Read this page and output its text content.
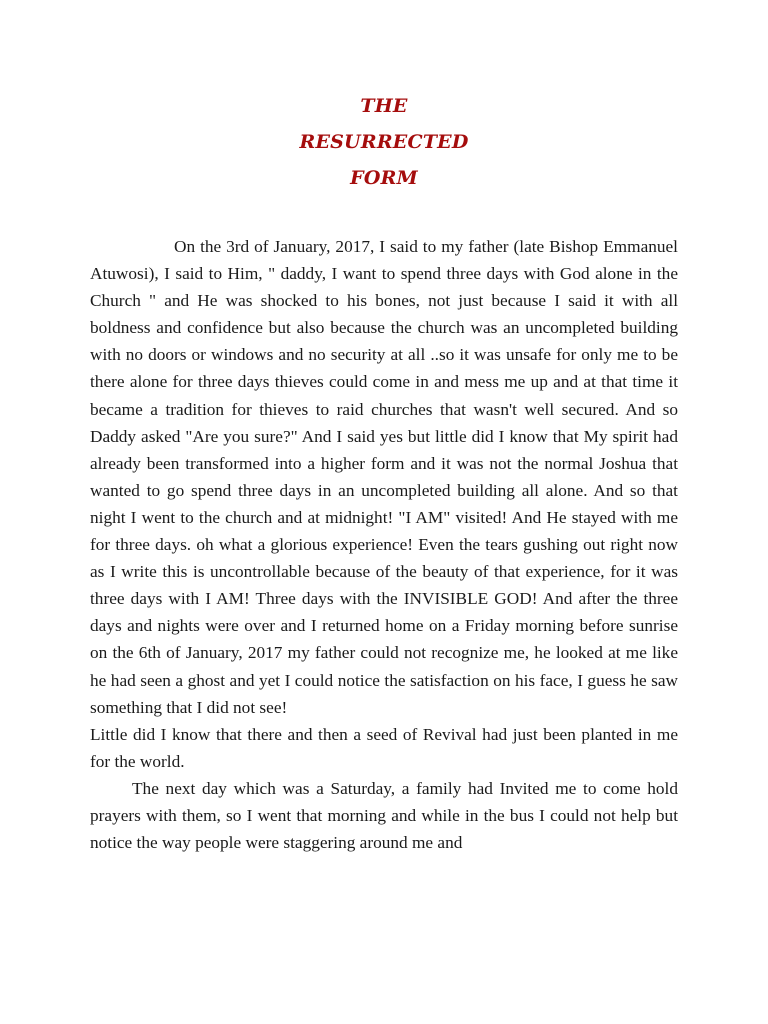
THE
RESURRECTED
FORM

On the 3rd of January, 2017, I said to my father (late Bishop Emmanuel Atuwosi), I said to Him, " daddy, I want to spend three days with God alone in the Church " and He was shocked to his bones, not just because I said it with all boldness and confidence but also because the church was an uncompleted building with no doors or windows and no security at all ..so it was unsafe for only me to be there alone for three days thieves could come in and mess me up and at that time it became a tradition for thieves to raid churches that wasn't well secured. And so Daddy asked "Are you sure?" And I said yes but little did I know that My spirit had already been transformed into a higher form and it was not the normal Joshua that wanted to go spend three days in an uncompleted building all alone. And so that night I went to the church and at midnight! "I AM" visited! And He stayed with me for three days. oh what a glorious experience! Even the tears gushing out right now as I write this is uncontrollable because of the beauty of that experience, for it was three days with I AM! Three days with the INVISIBLE GOD! And after the three days and nights were over and I returned home on a Friday morning before sunrise on the 6th of January, 2017 my father could not recognize me, he looked at me like he had seen a ghost and yet I could notice the satisfaction on his face, I guess he saw something that I did not see!

Little did I know that there and then a seed of Revival had just been planted in me for the world.

The next day which was a Saturday, a family had Invited me to come hold prayers with them, so I went that morning and while in the bus I could not help but notice the way people were staggering around me and
